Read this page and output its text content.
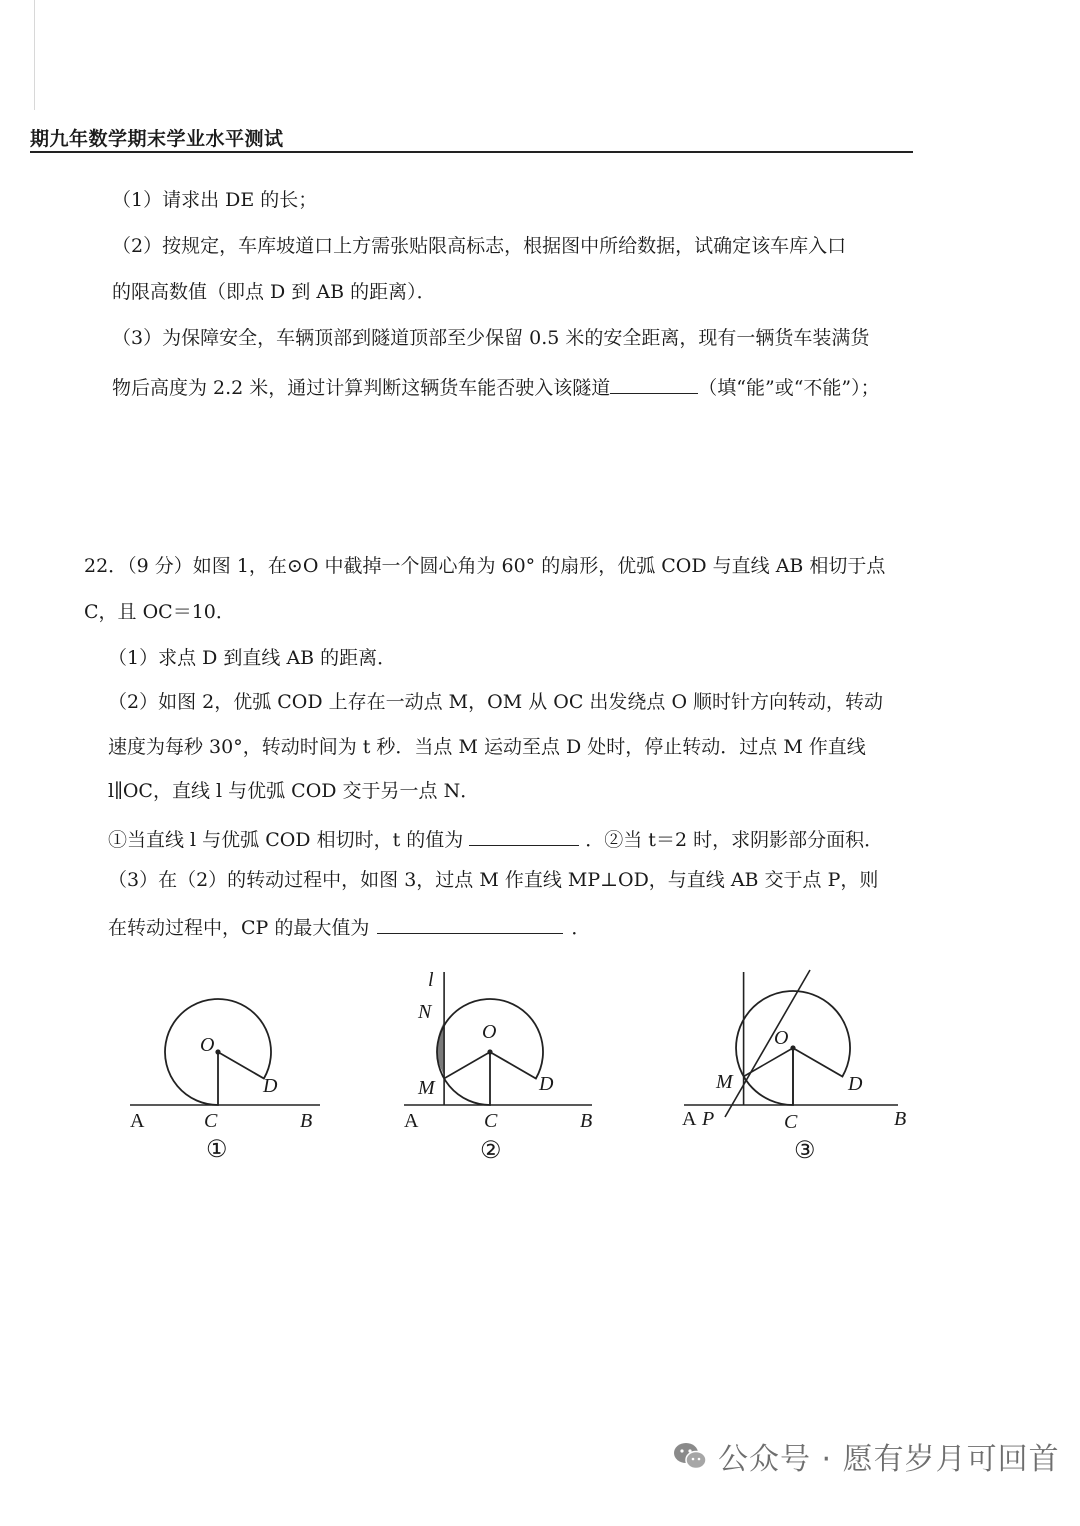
期九年数学期末学业水平测试
（1）请求出 DE 的长；
（2）按规定，车库坡道口上方需张贴限高标志，根据图中所给数据，试确定该车库入口
的限高数值（即点 D 到 AB 的距离）．
（3）为保障安全，车辆顶部到隧道顶部至少保留 0.5 米的安全距离，现有一辆货车装满货
物后高度为 2.2 米，通过计算判断这辆货车能否驶入该隧道	（填“能”或“不能”）；
22．（9 分）如图 1，在⊙O 中截掉一个圆心角为 60° 的扇形，优弧 COD 与直线 AB 相切于点
C，且 OC＝10．
（1）求点 D 到直线 AB 的距离．
（2）如图 2，优弧 COD 上存在一动点 M，OM 从 OC 出发绕点 O 顺时针方向转动，转动
速度为每秒 30°，转动时间为 t 秒．当点 M 运动至点 D 处时，停止转动．过点 M 作直线
l∥OC，直线 l 与优弧 COD 交于另一点 N．
①当直线 l 与优弧 COD 相切时，t 的值为	．②当 t＝2 时，求阴影部分面积．
（3）在（2）的转动过程中，如图 3，过点 M 作直线 MP⊥OD，与直线 AB 交于点 P，则
在转动过程中，CP 的最大值为	．
O
D
A	C	B
①
l
N
O
M	D
A	C	B
②
O
M	D
A P	C	B
③
公众号 · 愿有岁月可回首
